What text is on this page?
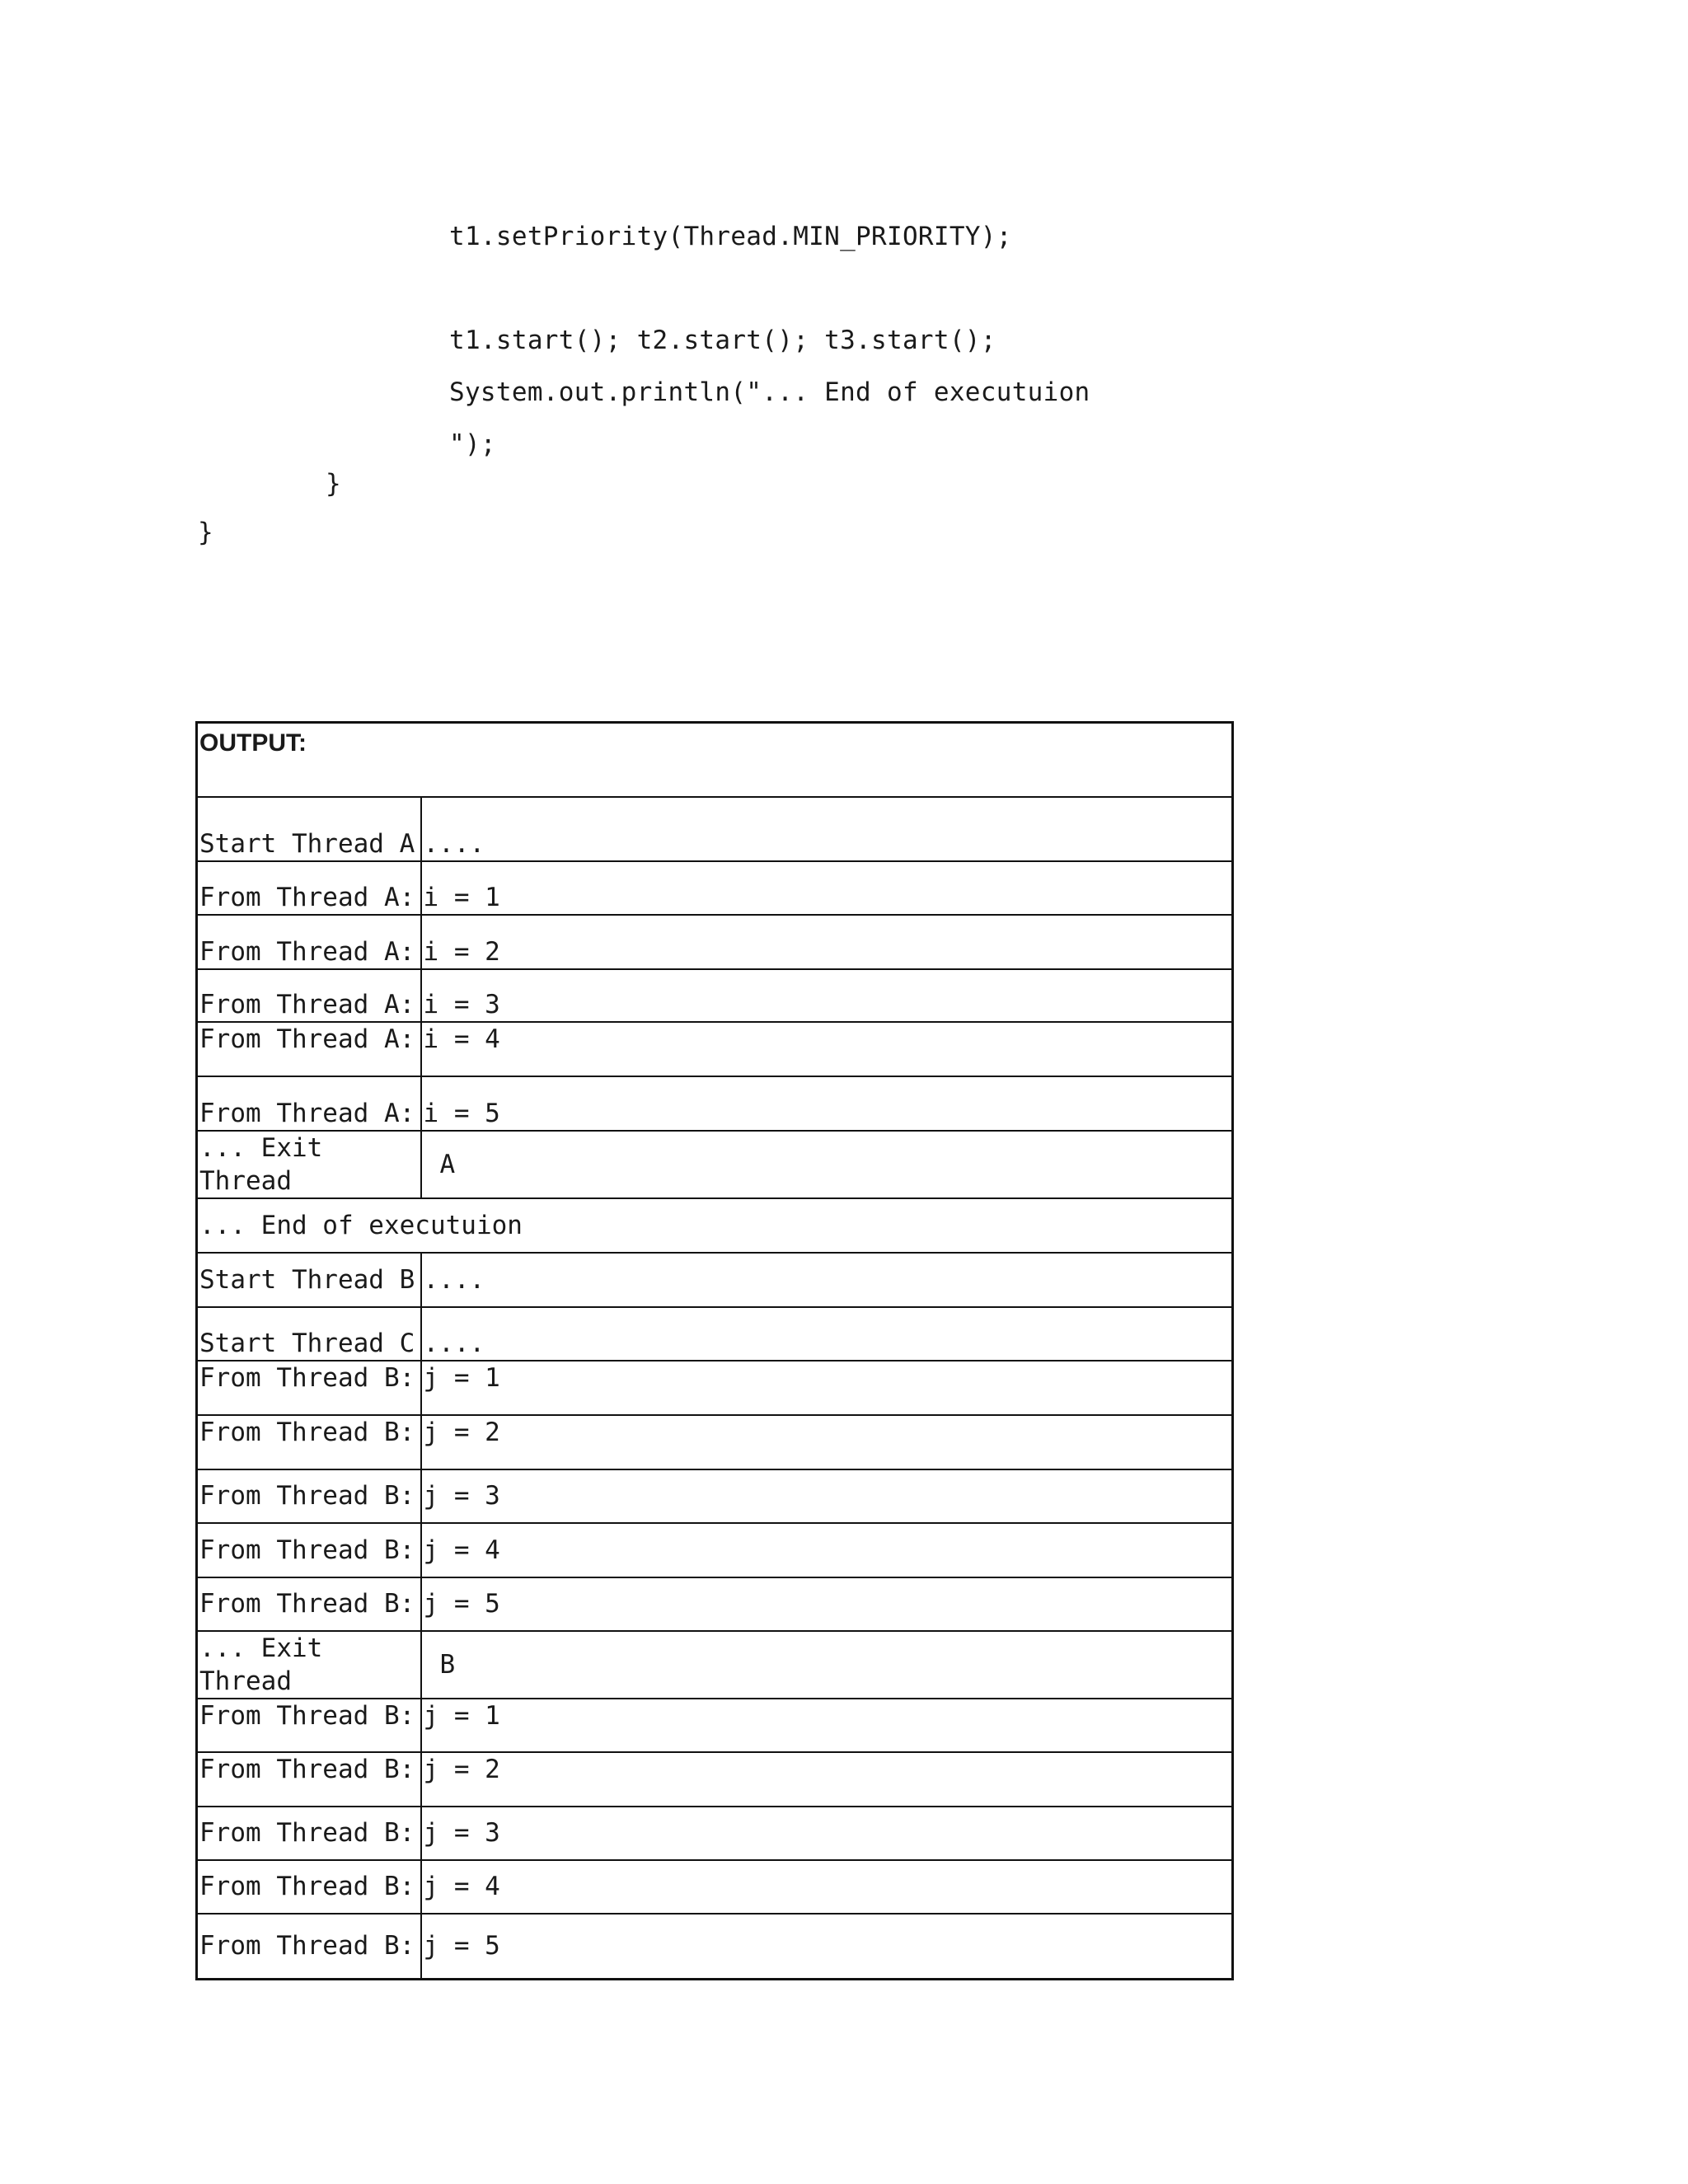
t1.setPriority(Thread.MIN_PRIORITY);
t1.start(); t2.start(); t3.start();
System.out.println("... End of executuion
");
}
}
OUTPUT:	
Start Thread A	....
From Thread A:	i = 1
From Thread A:	i = 2
From Thread A:	i = 3
From Thread A:	i = 4
From Thread A:	i = 5
... Exit Thread	A
... End of executuion	
Start Thread B	....
Start Thread C	....
From Thread B:	j = 1
From Thread B:	j = 2
From Thread B:	j = 3
From Thread B:	j = 4
From Thread B:	j = 5
... Exit Thread	B
From Thread B:	j = 1
From Thread B:	j = 2
From Thread B:	j = 3
From Thread B:	j = 4
From Thread B:	j = 5
